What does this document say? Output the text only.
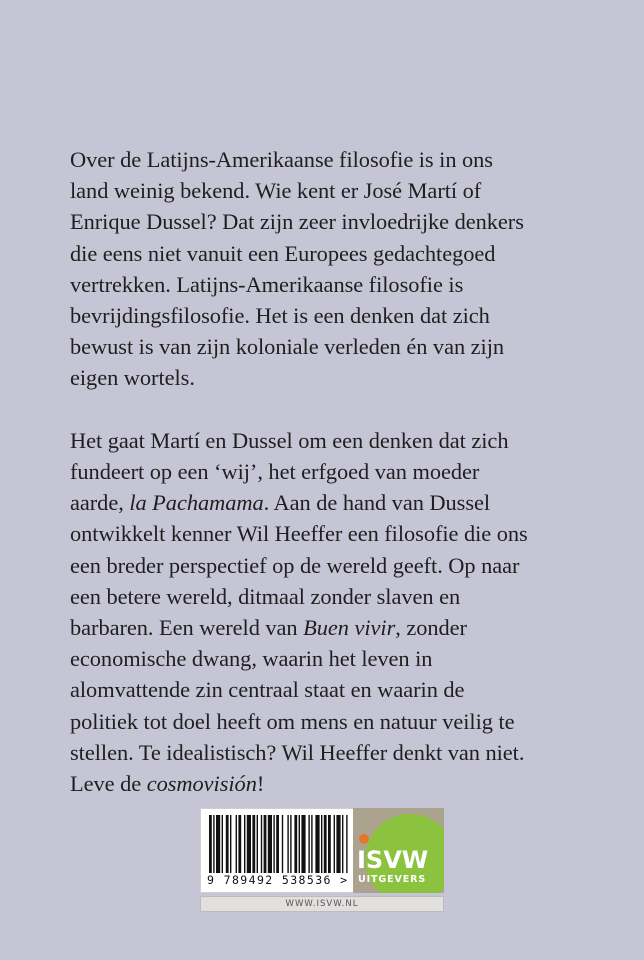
Over de Latijns-Amerikaanse filosofie is in ons
land weinig bekend. Wie kent er José Martí of
Enrique Dussel? Dat zijn zeer invloedrijke denkers
die eens niet vanuit een Europees gedachtegoed
vertrekken. Latijns-Amerikaanse filosofie is
bevrijdingsfilosofie. Het is een denken dat zich
bewust is van zijn koloniale verleden én van zijn
eigen wortels.
Het gaat Martí en Dussel om een denken dat zich
fundeert op een ‘wij’, het erfgoed van moeder
aarde, la Pachamama. Aan de hand van Dussel
ontwikkelt kenner Wil Heeffer een filosofie die ons
een breder perspectief op de wereld geeft. Op naar
een betere wereld, ditmaal zonder slaven en
barbaren. Een wereld van Buen vivir, zonder
economische dwang, waarin het leven in
alomvattende zin centraal staat en waarin de
politiek tot doel heeft om mens en natuur veilig te
stellen. Te idealistisch? Wil Heeffer denkt van niet.
Leve de cosmovisión!
9 789492 538536 >
ISVW
UITGEVERS
WWW.ISVW.NL
